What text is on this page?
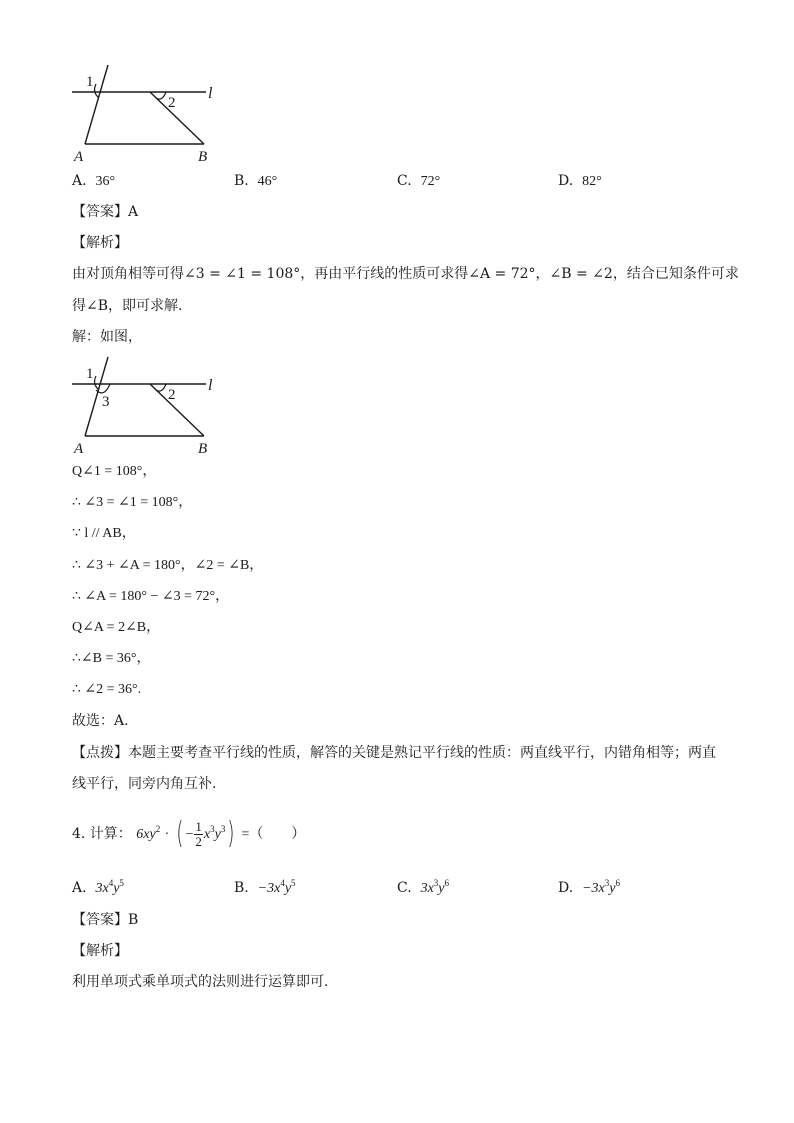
1
2
l
A	B
A. 36°	B. 46°	C. 72°	D. 82°
【答案】A
【解析】
由对顶角相等可得∠3 = ∠1 = 108°，再由平行线的性质可求得∠A = 72°，∠B = ∠2，结合已知条件可求
得∠B，即可求解.
解：如图，
1
3	2
l
A	B
Q∠1 = 108°，
∴ ∠3 = ∠1 = 108°，
∵ l // AB，
∴ ∠3 + ∠A = 180°，∠2 = ∠B，
∴ ∠A = 180° − ∠3 = 72°，
Q∠A = 2∠B，
∴∠B = 36°，
∴ ∠2 = 36°.
故选：A.
【点拨】本题主要考查平行线的性质，解答的关键是熟记平行线的性质：两直线平行，内错角相等；两直
线平行，同旁内角互补.
4. 计算： $6xy^2$ · ( − $\frac{1}{2} x^3y^3$) =（　　）
A. $3x^4y^5$	B. $-3x^4y^5$	C. $3x^3y^6$	D. $-3x^3y^6$
【答案】B
【解析】
利用单项式乘单项式的法则进行运算即可.
